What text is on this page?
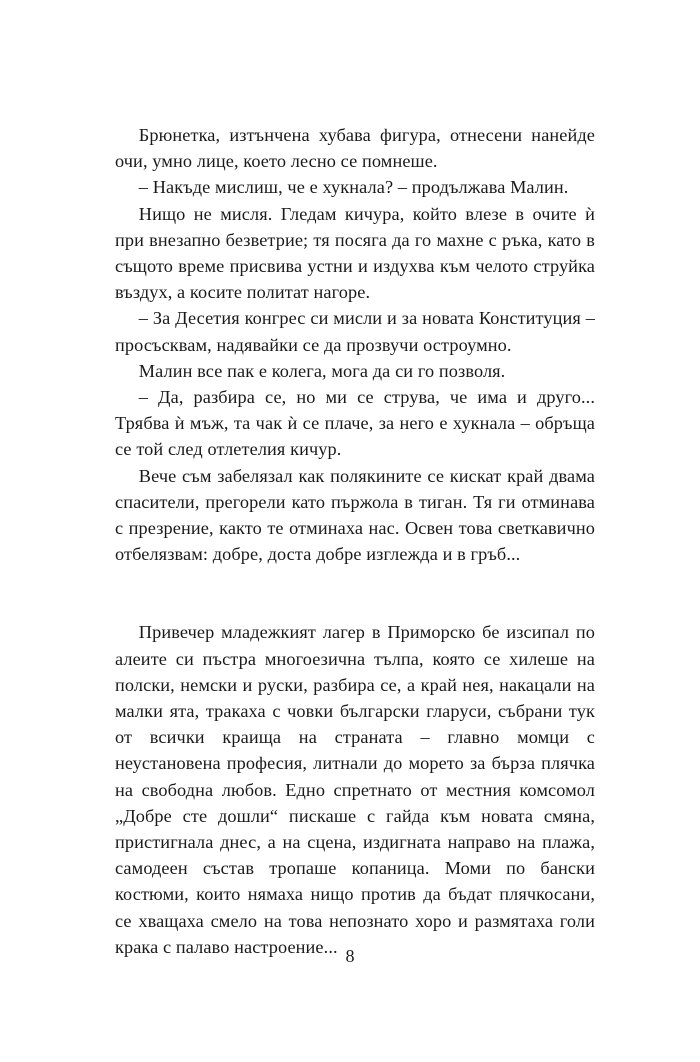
Брюнетка, изтънчена хубава фигура, отнесени нанейде очи, умно лице, което лесно се помнеше.

– Накъде мислиш, че е хукнала? – продължава Малин.

Нищо не мисля. Гледам кичура, който влезе в очите ѝ при внезапно безветрие; тя посяга да го махне с ръка, като в същото време присвива устни и издухва към челото струйка въздух, а косите политат нагоре.

– За Десетия конгрес си мисли и за новата Конституция – просъсквам, надявайки се да прозвучи остроумно.

Малин все пак е колега, мога да си го позволя.

– Да, разбира се, но ми се струва, че има и друго... Трябва ѝ мъж, та чак ѝ се плаче, за него е хукнала – обръща се той след отлетелия кичур.

Вече съм забелязал как полякините се кискат край двама спасители, прегорели като пържола в тиган. Тя ги отминава с презрение, както те отминаха нас. Освен това светкавично отбелязвам: добре, доста добре изглежда и в гръб...

Привечер младежкият лагер в Приморско бе изсипал по алеите си пъстра многоезична тълпа, която се хилеше на полски, немски и руски, разбира се, а край нея, накацали на малки ята, тракаха с човки български гларуси, събрани тук от всички краища на страната – главно момци с неустановена професия, литнали до морето за бърза плячка на свободна любов. Едно спретнато от местния комсомол „Добре сте дошли“ пискаше с гайда към новата смяна, пристигнала днес, а на сцена, издигната направо на плажа, самодеен състав тропаше копаница. Моми по бански костюми, които нямаха нищо против да бъдат плячкосани, се хващаха смело на това непознато хоро и размятаха голи крака с палаво настроение... 8
